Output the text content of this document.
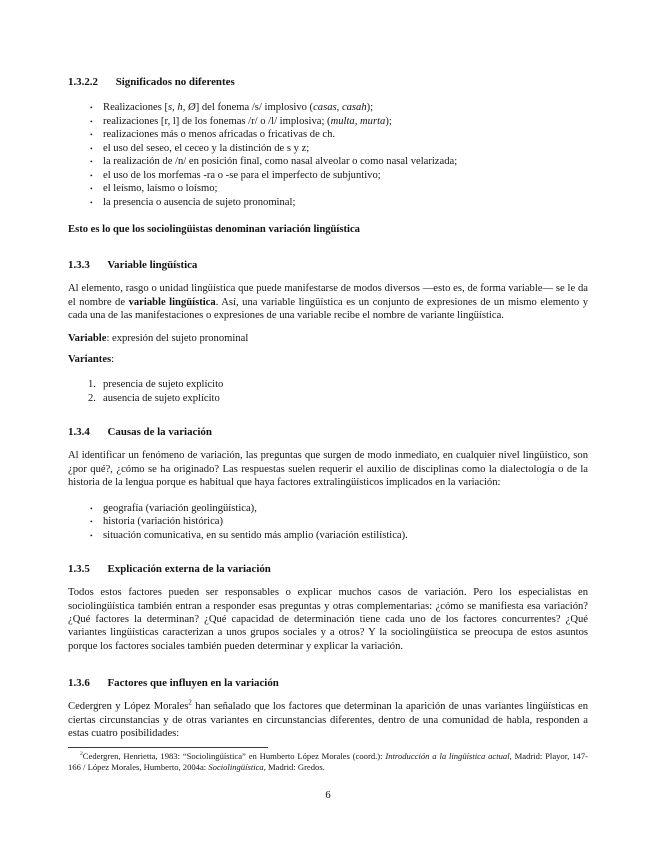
1.3.2.2 Significados no diferentes
• Realizaciones [s, h, Ø] del fonema /s/ implosivo (casas, casah);
• realizaciones [r, l] de los fonemas /r/ o /l/ implosiva; (multa, murta);
• realizaciones más o menos africadas o fricativas de ch.
• el uso del seseo, el ceceo y la distinción de s y z;
• la realización de /n/ en posición final, como nasal alveolar o como nasal velarizada;
• el uso de los morfemas -ra o -se para el imperfecto de subjuntivo;
• el leísmo, laísmo o loísmo;
• la presencia o ausencia de sujeto pronominal;

Esto es lo que los sociolingüistas denominan variación lingüística

1.3.3 Variable lingüística

Al elemento, rasgo o unidad lingüística que puede manifestarse de modos diversos —esto es, de forma variable— se le da el nombre de variable lingüística. Así, una variable lingüística es un conjunto de expresiones de un mismo elemento y cada una de las manifestaciones o expresiones de una variable recibe el nombre de variante lingüística.

Variable: expresión del sujeto pronominal

Variantes:

presencia de sujeto explícito
ausencia de sujeto explícito
1.3.4 Causas de la variación

Al identificar un fenómeno de variación, las preguntas que surgen de modo inmediato, en cualquier nivel lingüístico, son ¿por qué?, ¿cómo se ha originado? Las respuestas suelen requerir el auxilio de disciplinas como la dialectología o de la historia de la lengua porque es habitual que haya factores extralingüísticos implicados en la variación:

• geografía (variación geolingüística),
• historia (variación histórica)
• situación comunicativa, en su sentido más amplio (variación estilística).
1.3.5 Explicación externa de la variación

Todos estos factores pueden ser responsables o explicar muchos casos de variación. Pero los especialistas en sociolingüística también entran a responder esas preguntas y otras complementarias: ¿cómo se manifiesta esa variación? ¿Qué factores la determinan? ¿Qué capacidad de determinación tiene cada uno de los factores concurrentes? ¿Qué variantes lingüísticas caracterizan a unos grupos sociales y a otros? Y la sociolingüística se preocupa de estos asuntos porque los factores sociales también pueden determinar y explicar la variación.

1.3.6 Factores que influyen en la variación

Cedergren y López Morales$^2$ han señalado que los factores que determinan la aparición de unas variantes lingüísticas en ciertas circunstancias y de otras variantes en circunstancias diferentes, dentro de una comunidad de habla, responden a estas cuatro posibilidades:

$^2$Cedergren, Henrietta, 1983: “Sociolingüística” en Humberto López Morales (coord.): Introducción a la lingüística actual, Madrid: Playor, 147-166 / López Morales, Humberto, 2004a: Sociolingüística, Madrid: Gredos.

6
